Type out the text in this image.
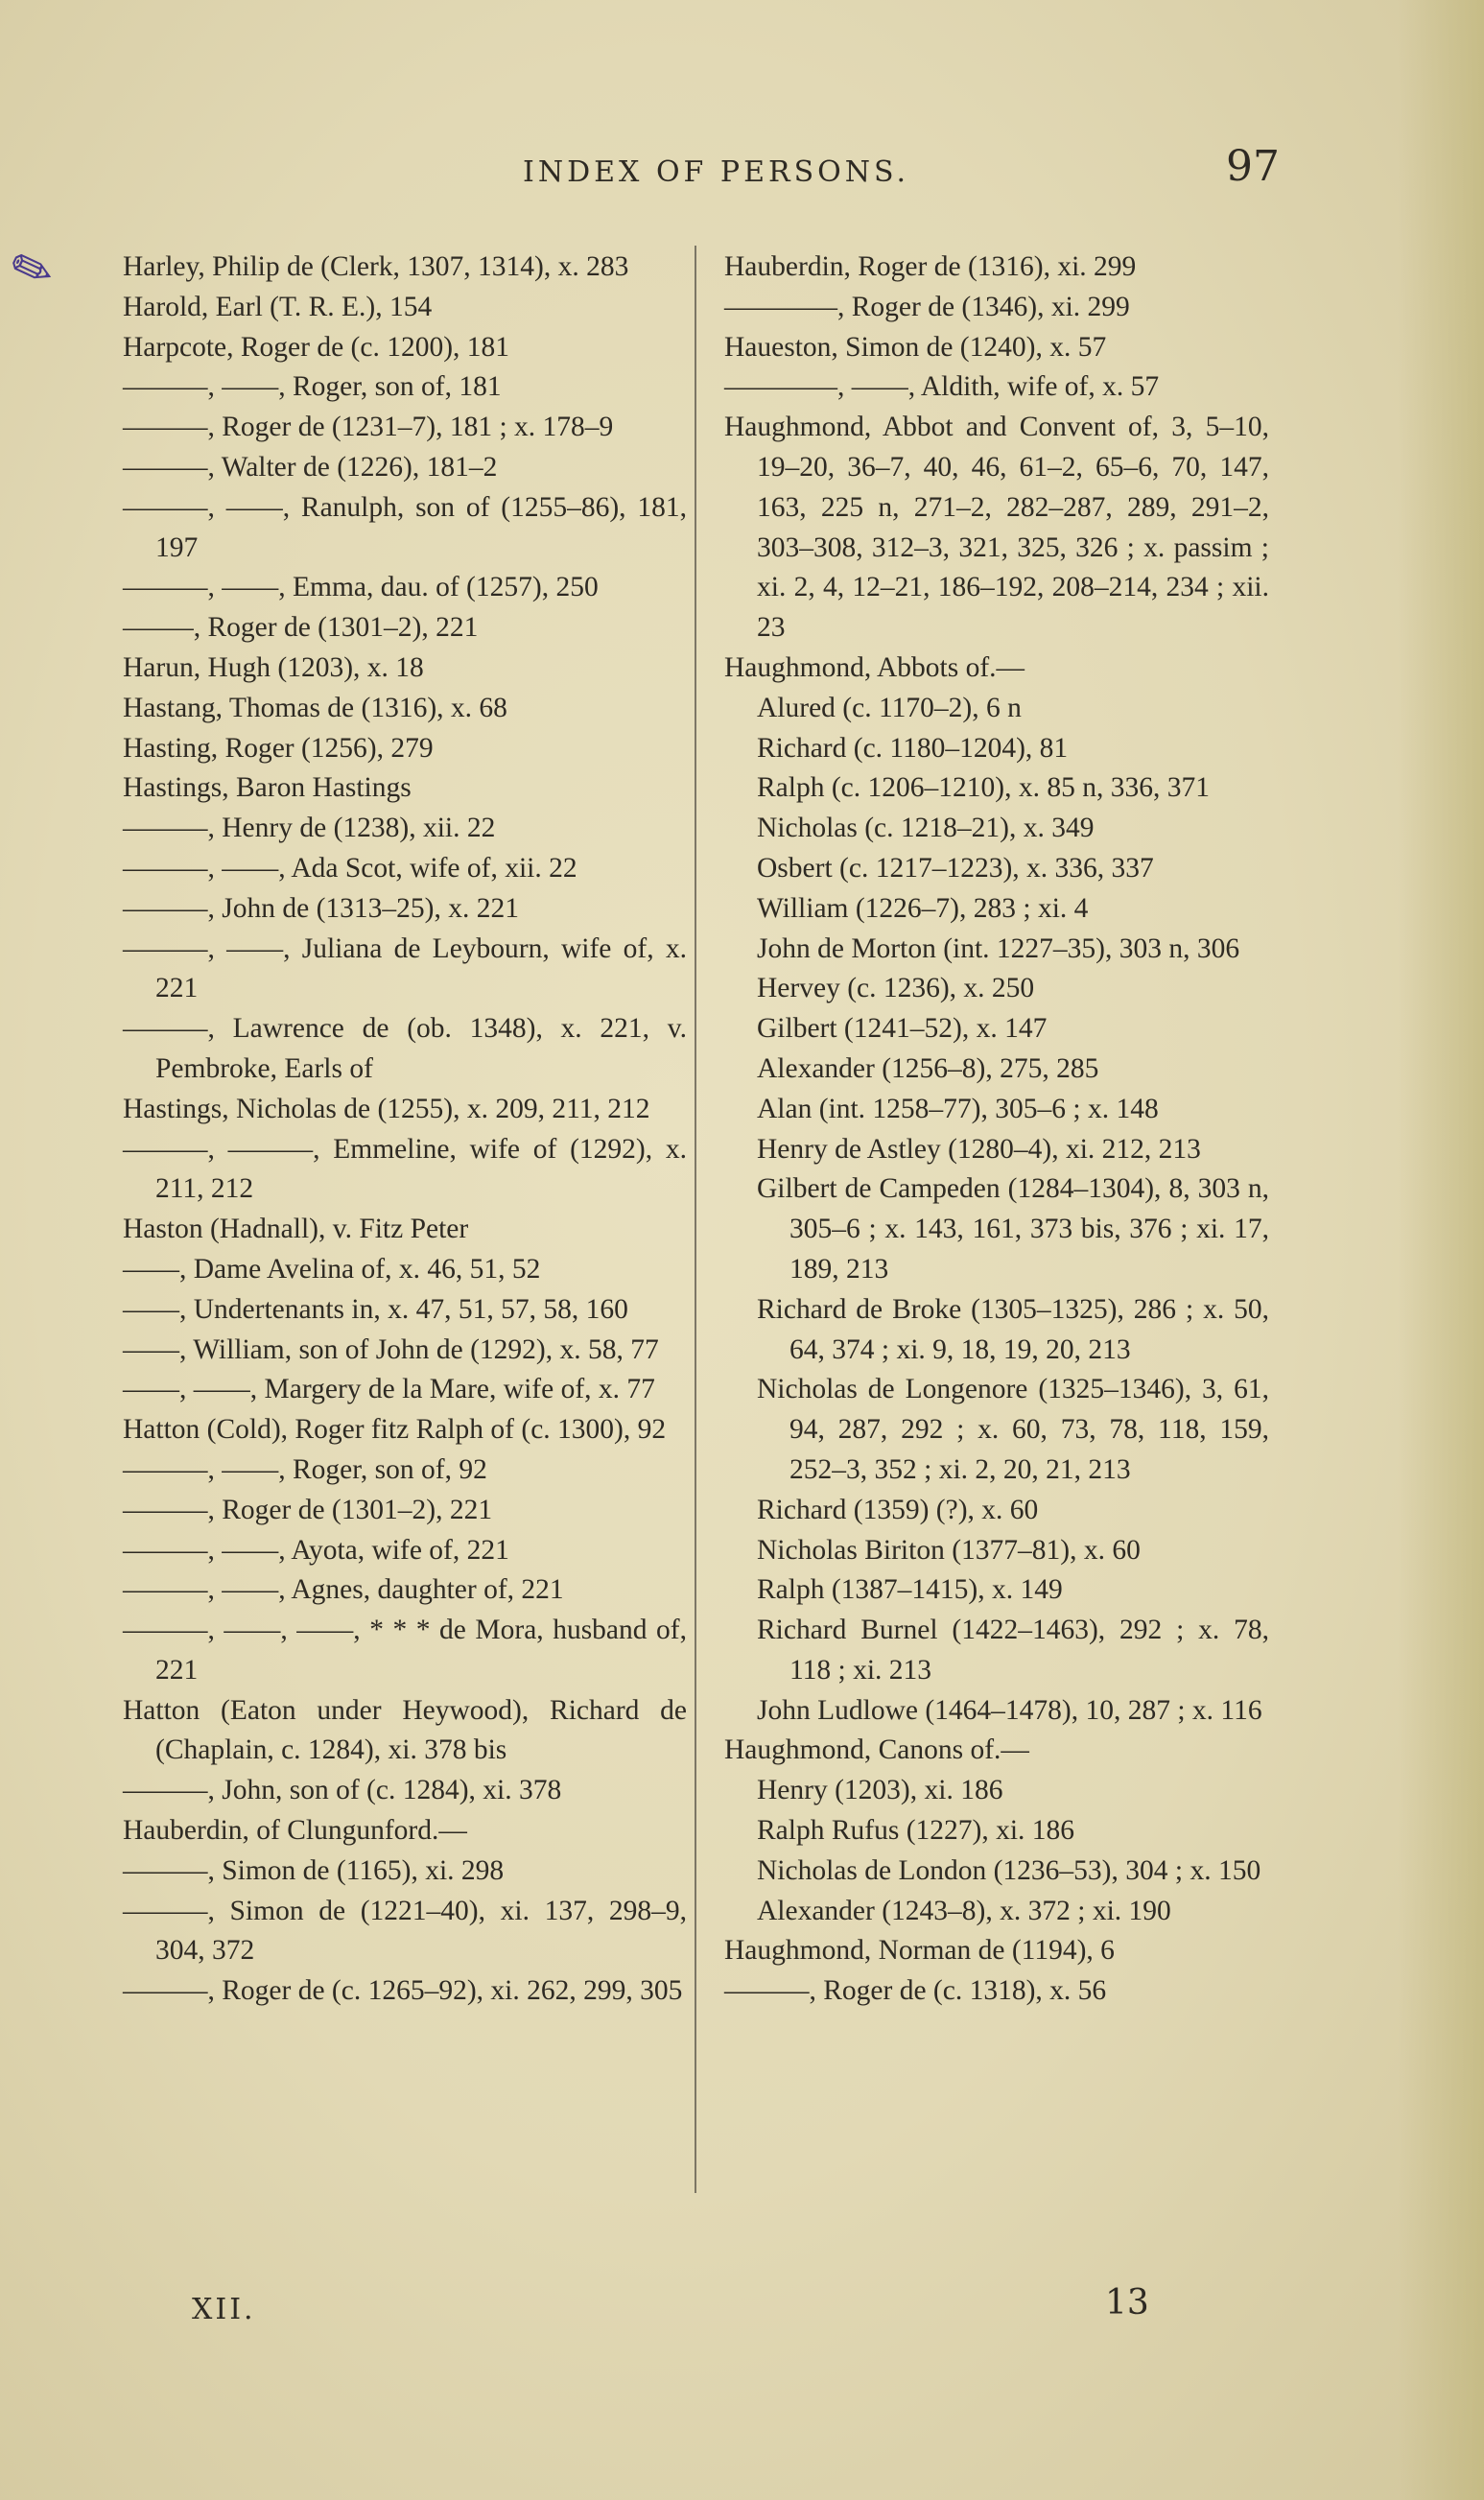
INDEX OF PERSONS.	97
✎ Harley, Philip de (Clerk, 1307, 1314), x. 283
Harold, Earl (T. R. E.), 154
Harpcote, Roger de (c. 1200), 181
———, ——, Roger, son of, 181
———, Roger de (1231–7), 181 ; x. 178–9
———, Walter de (1226), 181–2
———, ——, Ranulph, son of (1255–86), 181, 197
———, ——, Emma, dau. of (1257), 250
——–, Roger de (1301–2), 221
Harun, Hugh (1203), x. 18
Hastang, Thomas de (1316), x. 68
Hasting, Roger (1256), 279
Hastings, Baron Hastings
———, Henry de (1238), xii. 22
———, ——, Ada Scot, wife of, xii. 22
———, John de (1313–25), x. 221
———, ——, Juliana de Leybourn, wife of, x. 221
———, Lawrence de (ob. 1348), x. 221, v. Pembroke, Earls of
Hastings, Nicholas de (1255), x. 209, 211, 212
———, ———, Emmeline, wife of (1292), x. 211, 212
Haston (Hadnall), v. Fitz Peter
——, Dame Avelina of, x. 46, 51, 52
——, Undertenants in, x. 47, 51, 57, 58, 160
——, William, son of John de (1292), x. 58, 77
——, ——, Margery de la Mare, wife of, x. 77
Hatton (Cold), Roger fitz Ralph of (c. 1300), 92
———, ——, Roger, son of, 92
———, Roger de (1301–2), 221
———, ——, Ayota, wife of, 221
———, ——, Agnes, daughter of, 221
———, ——, ——, * * * de Mora, husband of, 221
Hatton (Eaton under Heywood), Richard de (Chaplain, c. 1284), xi. 378 bis
———, John, son of (c. 1284), xi. 378
Hauberdin, of Clungunford.—
———, Simon de (1165), xi. 298
———, Simon de (1221–40), xi. 137, 298–9, 304, 372
———, Roger de (c. 1265–92), xi. 262, 299, 305
Hauberdin, Roger de (1316), xi. 299
————, Roger de (1346), xi. 299
Haueston, Simon de (1240), x. 57
————, ——, Aldith, wife of, x. 57
Haughmond, Abbot and Convent of, 3, 5–10, 19–20, 36–7, 40, 46, 61–2, 65–6, 70, 147, 163, 225 n, 271–2, 282–287, 289, 291–2, 303–308, 312–3, 321, 325, 326 ; x. passim ; xi. 2, 4, 12–21, 186–192, 208–214, 234 ; xii. 23
Haughmond, Abbots of.—
Alured (c. 1170–2), 6 n
Richard (c. 1180–1204), 81
Ralph (c. 1206–1210), x. 85 n, 336, 371
Nicholas (c. 1218–21), x. 349
Osbert (c. 1217–1223), x. 336, 337
William (1226–7), 283 ; xi. 4
John de Morton (int. 1227–35), 303 n, 306
Hervey (c. 1236), x. 250
Gilbert (1241–52), x. 147
Alexander (1256–8), 275, 285
Alan (int. 1258–77), 305–6 ; x. 148
Henry de Astley (1280–4), xi. 212, 213
Gilbert de Campeden (1284–1304), 8, 303 n, 305–6 ; x. 143, 161, 373 bis, 376 ; xi. 17, 189, 213
Richard de Broke (1305–1325), 286 ; x. 50, 64, 374 ; xi. 9, 18, 19, 20, 213
Nicholas de Longenore (1325–1346), 3, 61, 94, 287, 292 ; x. 60, 73, 78, 118, 159, 252–3, 352 ; xi. 2, 20, 21, 213
Richard (1359) (?), x. 60
Nicholas Biriton (1377–81), x. 60
Ralph (1387–1415), x. 149
Richard Burnel (1422–1463), 292 ; x. 78, 118 ; xi. 213
John Ludlowe (1464–1478), 10, 287 ; x. 116
Haughmond, Canons of.—
Henry (1203), xi. 186
Ralph Rufus (1227), xi. 186
Nicholas de London (1236–53), 304 ; x. 150
Alexander (1243–8), x. 372 ; xi. 190
Haughmond, Norman de (1194), 6
———, Roger de (c. 1318), x. 56
XII.	13
